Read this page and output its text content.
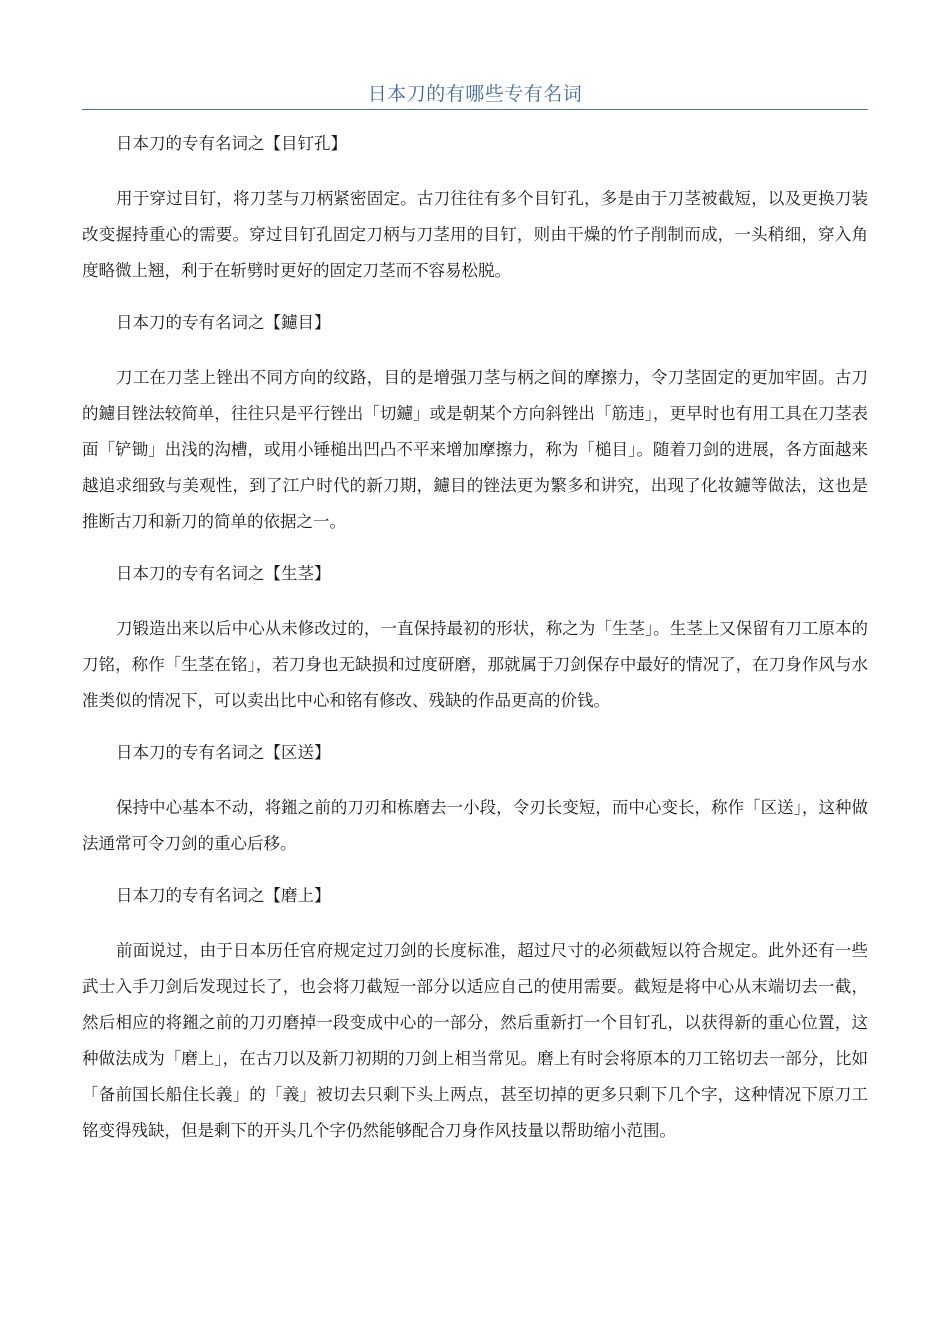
日本刀的有哪些专有名词

日本刀的专有名词之【目钉孔】

用于穿过目钉，将刀茎与刀柄紧密固定。古刀往往有多个目钉孔，多是由于刀茎被截短，以及更换刀装改变握持重心的需要。穿过目钉孔固定刀柄与刀茎用的目钉，则由干燥的竹子削制而成，一头稍细，穿入角度略微上翘，利于在斩劈时更好的固定刀茎而不容易松脱。

日本刀的专有名词之【鑢目】

刀工在刀茎上锉出不同方向的纹路，目的是增强刀茎与柄之间的摩擦力，令刀茎固定的更加牢固。古刀的鑢目锉法较简单，往往只是平行锉出「切鑢」或是朝某个方向斜锉出「筋违」，更早时也有用工具在刀茎表面「铲锄」出浅的沟槽，或用小锤槌出凹凸不平来增加摩擦力，称为「槌目」。随着刀剑的进展，各方面越来越追求细致与美观性，到了江户时代的新刀期，鑢目的锉法更为繁多和讲究，出现了化妆鑢等做法，这也是推断古刀和新刀的简单的依据之一。

日本刀的专有名词之【生茎】

刀锻造出来以后中心从未修改过的，一直保持最初的形状，称之为「生茎」。生茎上又保留有刀工原本的刀铭，称作「生茎在铭」，若刀身也无缺损和过度研磨，那就属于刀剑保存中最好的情况了，在刀身作风与水准类似的情况下，可以卖出比中心和铭有修改、残缺的作品更高的价钱。

日本刀的专有名词之【区送】

保持中心基本不动，将鎺之前的刀刃和栋磨去一小段，令刃长变短，而中心变长，称作「区送」，这种做法通常可令刀剑的重心后移。

日本刀的专有名词之【磨上】

前面说过，由于日本历任官府规定过刀剑的长度标准，超过尺寸的必须截短以符合规定。此外还有一些武士入手刀剑后发现过长了，也会将刀截短一部分以适应自己的使用需要。截短是将中心从末端切去一截，然后相应的将鎺之前的刀刃磨掉一段变成中心的一部分，然后重新打一个目钉孔，以获得新的重心位置，这种做法成为「磨上」，在古刀以及新刀初期的刀剑上相当常见。磨上有时会将原本的刀工铭切去一部分，比如「备前国长船住长義」的「義」被切去只剩下头上两点，甚至切掉的更多只剩下几个字，这种情况下原刀工铭变得残缺，但是剩下的开头几个字仍然能够配合刀身作风技量以帮助缩小范围。
